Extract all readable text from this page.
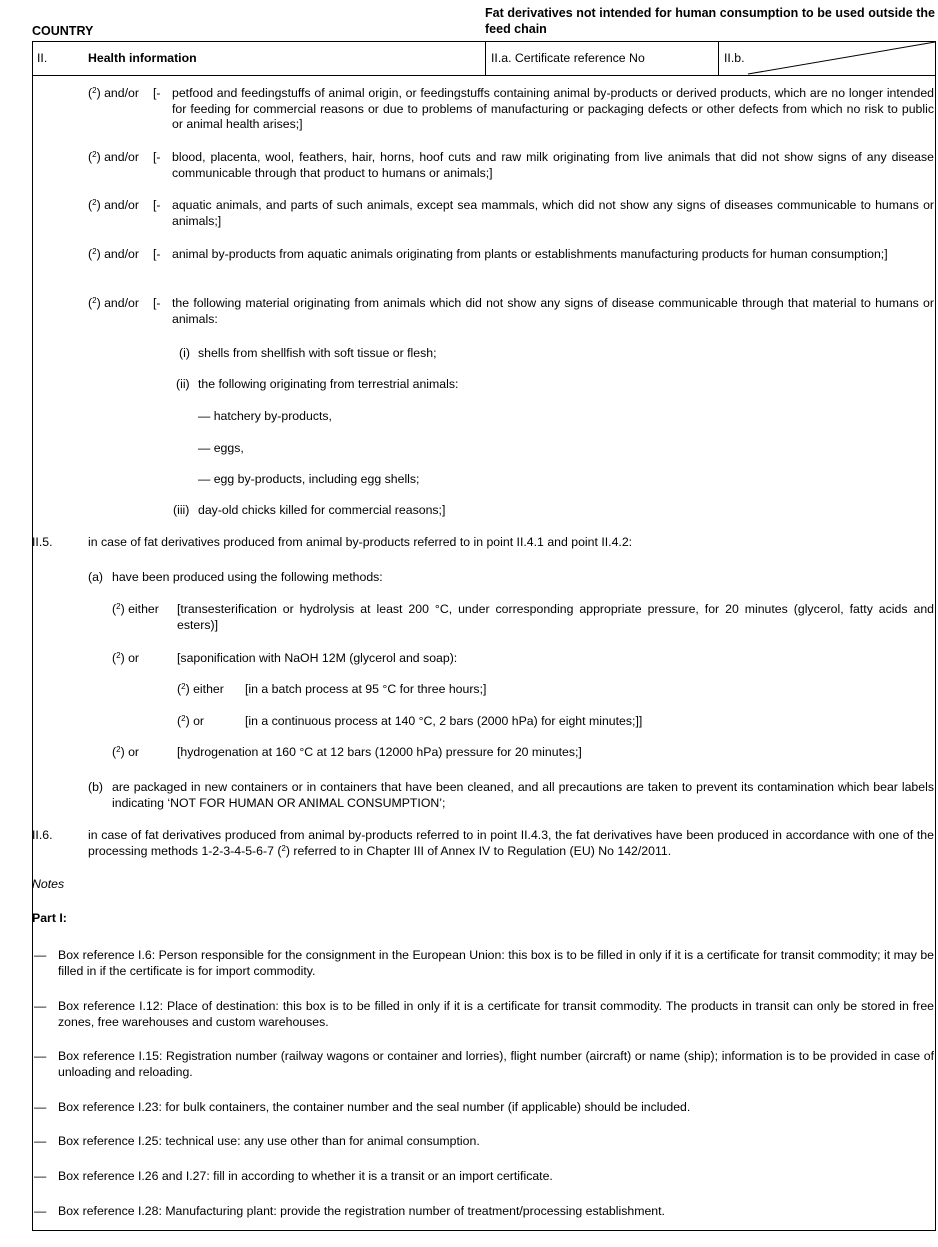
COUNTRY
Fat derivatives not intended for human consumption to be used outside the feed chain
II.	Health information	II.a. Certificate reference No	II.b.
($^2$) and/or [- petfood and feedingstuffs of animal origin, or feedingstuffs containing animal by-products or derived products, which are no longer intended for feeding for commercial reasons or due to problems of manufacturing or packaging defects or other defects from which no risk to public or animal health arises;]
($^2$) and/or [- blood, placenta, wool, feathers, hair, horns, hoof cuts and raw milk originating from live animals that did not show signs of any disease communicable through that product to humans or animals;]
($^2$) and/or [- aquatic animals, and parts of such animals, except sea mammals, which did not show any signs of diseases communicable to humans or animals;]
($^2$) and/or [- animal by-products from aquatic animals originating from plants or establishments manufacturing products for human consumption;]
($^2$) and/or [- the following material originating from animals which did not show any signs of disease communicable through that material to humans or animals:
(i) shells from shellfish with soft tissue or flesh;
(ii) the following originating from terrestrial animals:
— hatchery by-products,
— eggs,
— egg by-products, including egg shells;
(iii) day-old chicks killed for commercial reasons;]
II.5.	in case of fat derivatives produced from animal by-products referred to in point II.4.1 and point II.4.2:
(a) have been produced using the following methods:
($^2$) either [transesterification or hydrolysis at least 200 °C, under corresponding appropriate pressure, for 20 minutes (glycerol, fatty acids and esters)]
($^2$) or	[saponification with NaOH 12M (glycerol and soap):
($^2$) either [in a batch process at 95 °C for three hours;]
($^2$) or	[in a continuous process at 140 °C, 2 bars (2000 hPa) for eight minutes;]]
($^2$) or	[hydrogenation at 160 °C at 12 bars (12000 hPa) pressure for 20 minutes;]
(b) are packaged in new containers or in containers that have been cleaned, and all precautions are taken to prevent its contamination which bear labels indicating ‘NOT FOR HUMAN OR ANIMAL CONSUMPTION’;
II.6.	in case of fat derivatives produced from animal by-products referred to in point II.4.3, the fat derivatives have been produced in accordance with one of the processing methods 1-2-3-4-5-6-7 ($^2$) referred to in Chapter III of Annex IV to Regulation (EU) No 142/2011.
Notes
Part I:
— Box reference I.6: Person responsible for the consignment in the European Union: this box is to be filled in only if it is a certificate for transit commodity; it may be filled in if the certificate is for import commodity.
— Box reference I.12: Place of destination: this box is to be filled in only if it is a certificate for transit commodity. The products in transit can only be stored in free zones, free warehouses and custom warehouses.
— Box reference I.15: Registration number (railway wagons or container and lorries), flight number (aircraft) or name (ship); information is to be provided in case of unloading and reloading.
— Box reference I.23: for bulk containers, the container number and the seal number (if applicable) should be included.
— Box reference I.25: technical use: any use other than for animal consumption.
— Box reference I.26 and I.27: fill in according to whether it is a transit or an import certificate.
— Box reference I.28: Manufacturing plant: provide the registration number of treatment/processing establishment.
